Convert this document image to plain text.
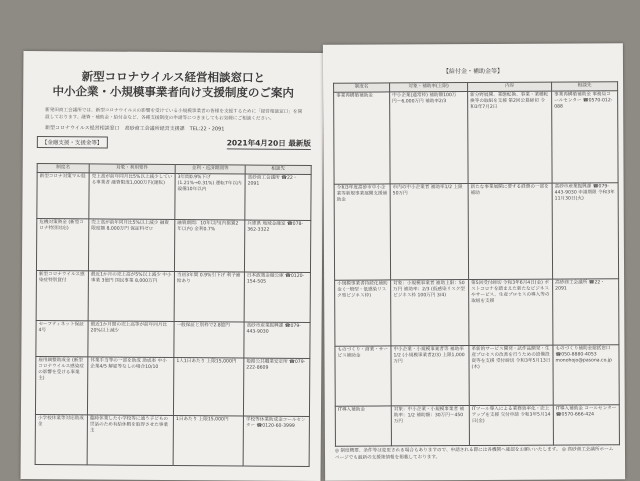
新型コロナウイルス経営相談窓口と
中小企業・小規模事業者向け支援制度のご案内
新発田商工会議所では、新型コロナウイルスの影響を受けている小規模事業者の皆様を支援するために「経営相談窓口」を開設しております。融資・補助金・給付金など、各種支援制度の申請等につきましてもお気軽にご相談ください。
新型コロナウイルス経営相談窓口　高砂商工会議所経営支援課　TEL:22・2091
【金融支援・支援金等】	2021年4月20日 最新版
制度名	対象・利用要件	金利・返済期間等	相談先
新型コロナ対策マル経	売上高が前年同月比5%以上減少している事業者 融資限度1,000万円(運転)	3年間0.9%下げ (1.21%→0.31%) 運転7年以内 設備10年以内	高砂商工会議所 ☎22・2091
危機対策資金 (新型コロナ特別対応)	売上高が前年同月比5%以上減少 融資限度額 8,000万円 保証料ゼロ	融資期間：10年以内(内据置2年以内) 金利0.7%	兵庫県 地域金融室 ☎078-362-3322
新型コロナウイルス感染症特別貸付	最近1か月の売上高が5%以上減少 中小事業 3億円 国民事業 8,000万円	当初3年間 0.9%引下げ 利子補給あり	日本政策金融公庫 ☎0120-154-505
セーフティネット保証4号	最近1か月間の売上高等が前年同月比20%以上減少	一般保証と別枠で2.8億円	高砂市産業振興課 ☎079-443-9030
雇用調整助成金 (新型コロナウイルス感染症の影響を受ける事業主)	休業手当等の一部を助成 助成率 中小企業4/5 解雇等なしの場合10/10	1人1日あたり 上限15,000円	姫路公共職業安定所 ☎079-222-8609
小学校休業等対応助成金	臨時休業した小学校等に通う子どもの世話のため有給休暇を取得させた事業主	1日あたり 上限15,000円	学校等休業助成金コールセンター ☎0120-60-3999
【給付金・補助金等】
制度名	対象・補助率(上限)	内容	相談先
事業再構築補助金	中小企業(通常枠) 補助額100万円〜6,000万円 補助率2/3	新分野展開、業態転換、事業・業種転換等の取組を支援 第2回公募締切 令和3年7月2日	事業再構築補助金 事務局コールセンター ☎0570-012-088
令和3年度高砂市中小企業等新規事業展開支援補助金	市内の中小企業者 補助率1/2 上限50万円	新たな事業展開に要する経費の一部を補助	高砂市産業振興課 ☎079-443-9030 申請期限 令和3年11月30日(火)
小規模事業者持続化補助金 (一般型・低感染リスク型ビジネス枠)	対象：小規模事業者 補助上限：50万円 補助率：2/3 (低感染リスク型ビジネス枠 100万円 3/4)	第5回受付締切 令和3年6月4日(金) ポストコロナを踏まえた新たなビジネスやサービス、生産プロセスの導入等の取組を支援	高砂商工会議所 ☎22・2091
ものづくり・商業・サービス補助金	中小企業・小規模事業者等 補助率1/2 (小規模事業者2/3) 上限1,000万円	革新的サービス開発・試作品開発・生産プロセスの改善を行うための設備投資等を支援 受付締切 令和3年5月13日(木)	ものづくり補助金総括窓口 ☎050-8880-4053 monohojo@pasona.co.jp
IT導入補助金	対象：中小企業・小規模事業者 補助率：1/2 補助額：30万円〜450万円	ITツール導入による業務効率化・売上アップを支援 交付申請 令和3年5月14日(金)	IT導入補助金 コールセンター ☎0570-666-424
◎ 制度概要、条件等は変更される場合もありますので、申請される際には各機関へ確認をお願いいたします。 ◎ 高砂商工会議所ホームページでも最新の支援策情報を掲載しております。
